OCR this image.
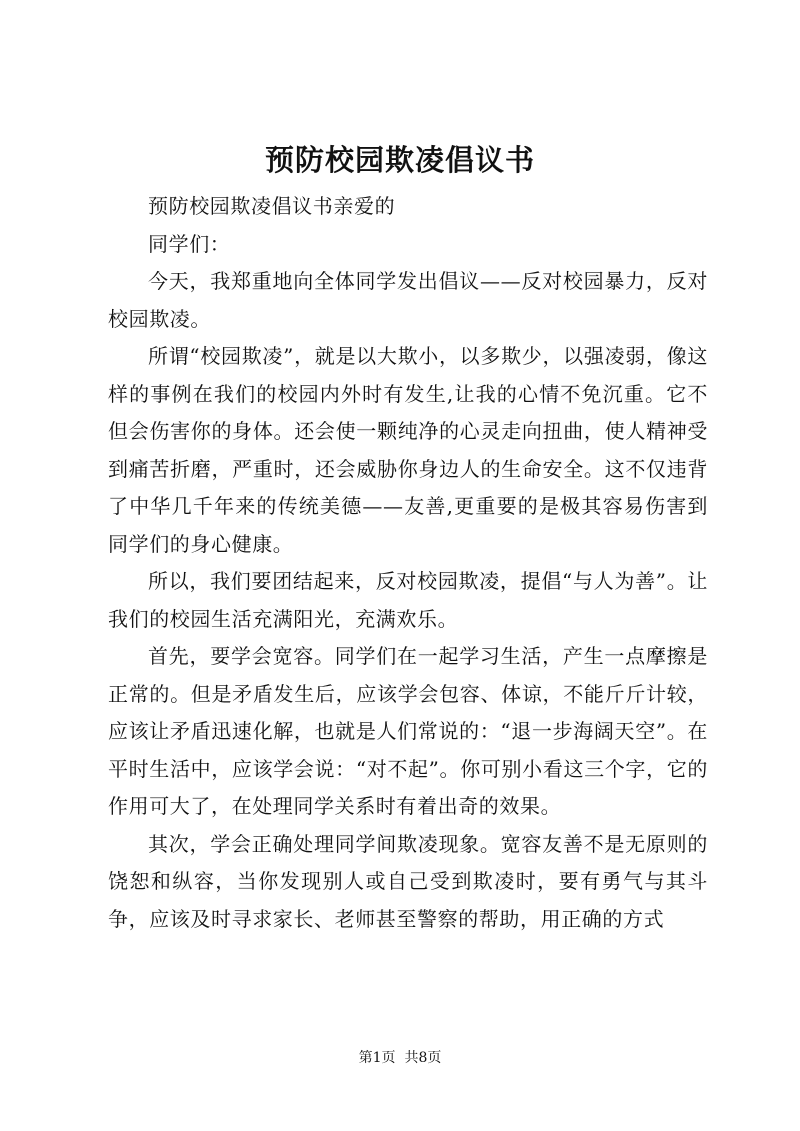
预防校园欺凌倡议书

预防校园欺凌倡议书亲爱的

同学们：

今天，我郑重地向全体同学发出倡议——反对校园暴力，反对校园欺凌。

所谓“校园欺凌”，就是以大欺小，以多欺少，以强凌弱，像这样的事例在我们的校园内外时有发生,让我的心情不免沉重。它不但会伤害你的身体。还会使一颗纯净的心灵走向扭曲，使人精神受到痛苦折磨，严重时，还会威胁你身边人的生命安全。这不仅违背了中华几千年来的传统美德——友善,更重要的是极其容易伤害到同学们的身心健康。

所以，我们要团结起来，反对校园欺凌，提倡“与人为善”。让我们的校园生活充满阳光，充满欢乐。

首先，要学会宽容。同学们在一起学习生活，产生一点摩擦是正常的。但是矛盾发生后，应该学会包容、体谅，不能斤斤计较，应该让矛盾迅速化解，也就是人们常说的：“退一步海阔天空”。在平时生活中，应该学会说：“对不起”。你可别小看这三个字，它的作用可大了，在处理同学关系时有着出奇的效果。

其次，学会正确处理同学间欺凌现象。宽容友善不是无原则的饶恕和纵容，当你发现别人或自己受到欺凌时，要有勇气与其斗争，应该及时寻求家长、老师甚至警察的帮助，用正确的方式

第1页  共8页
